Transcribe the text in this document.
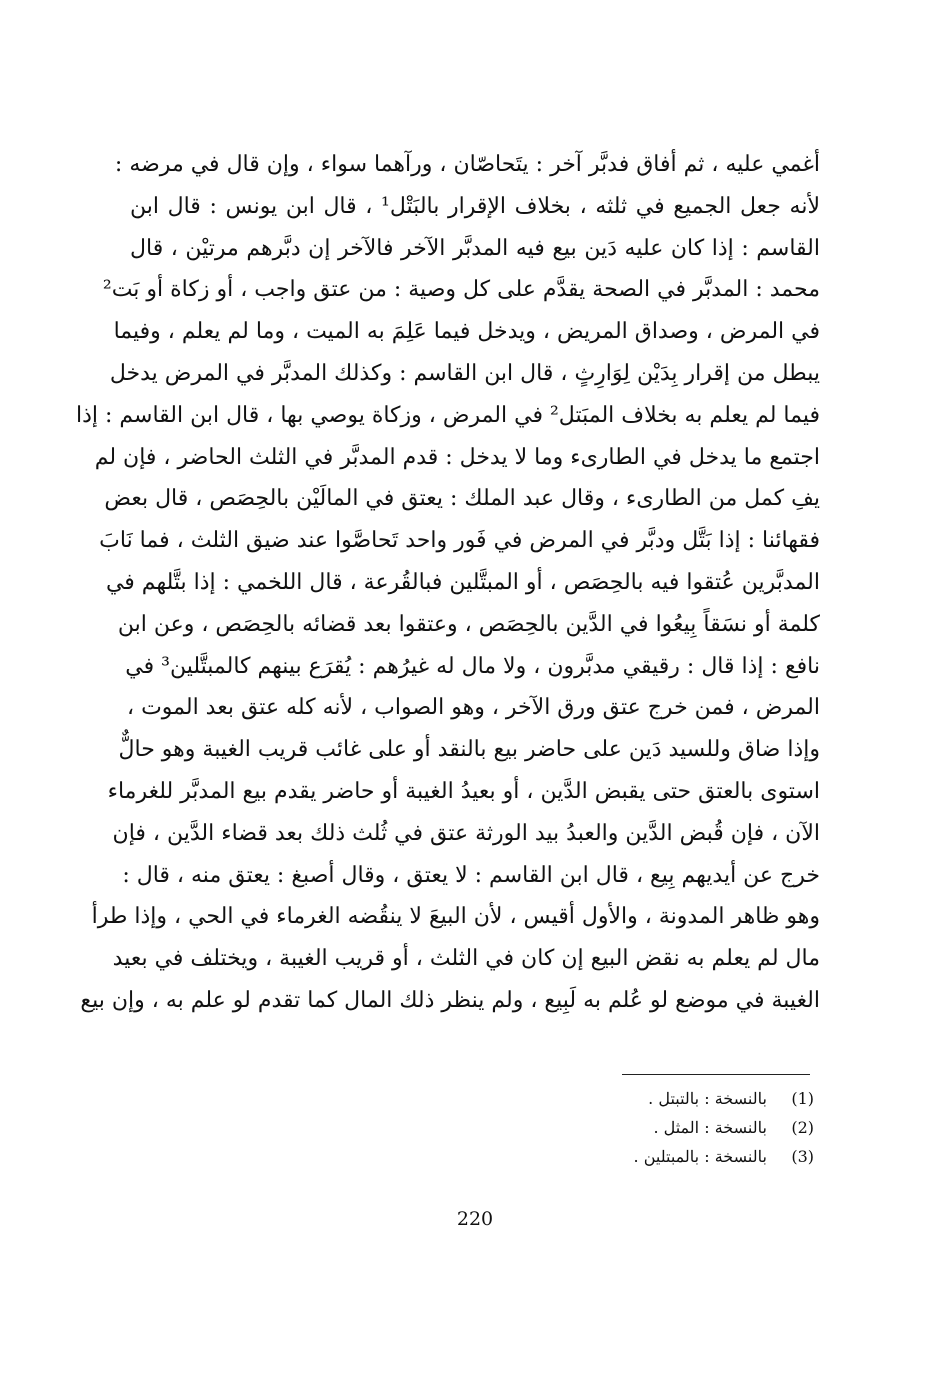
أغمي عليه ، ثم أفاق فدبَّر آخر : يتَحاصّان ، ورآهما سواء ، وإن قال في مرضه :
لأنه جعل الجميع في ثلثه ، بخلاف الإقرار بالبَتْل¹ ، قال ابن يونس : قال ابن
القاسم : إذا كان عليه دَين بيع فيه المدبَّر الآخر فالآخر إن دبَّرهم مرتيْن ، قال
محمد : المدبَّر في الصحة يقدَّم على كل وصية : من عتق واجب ، أو زكاة أو بَت²
في المرض ، وصداق المريض ، ويدخل فيما عَلِمَ به الميت ، وما لم يعلم ، وفيما
يبطل من إقرار بِدَيْن لِوَارِثٍ ، قال ابن القاسم : وكذلك المدبَّر في المرض يدخل
فيما لم يعلم به بخلاف المبَتل² في المرض ، وزكاة يوصي بها ، قال ابن القاسم : إذا
اجتمع ما يدخل في الطارىء وما لا يدخل : قدم المدبَّر في الثلث الحاضر ، فإن لم
يفِ كمل من الطارىء ، وقال عبد الملك : يعتق في المالَيْن بالحِصَص ، قال بعض
فقهائنا : إذا بَتَّل ودبَّر في المرض في فَور واحد تَحاصَّوا عند ضيق الثلث ، فما نَابَ
المدبَّرين عُتقوا فيه بالحِصَص ، أو المبتَّلين فبالقُرعة ، قال اللخمي : إذا بتَّلهم في
كلمة أو نسَقاً بِيعُوا في الدَّين بالحِصَص ، وعتقوا بعد قضائه بالحِصَص ، وعن ابن
نافع : إذا قال : رقيقي مدبَّرون ، ولا مال له غيرُهم : يُقرَع بينهم كالمبتَّلين³ في
المرض ، فمن خرج عتق ورق الآخر ، وهو الصواب ، لأنه كله عتق بعد الموت ،
وإذا ضاق وللسيد دَين على حاضر بيع بالنقد أو على غائب قريب الغيبة وهو حالٌّ
استوى بالعتق حتى يقبض الدَّين ، أو بعيدُ الغيبة أو حاضر يقدم بيع المدبَّر للغرماء
الآن ، فإن قُبض الدَّين والعبدُ بيد الورثة عتق في ثُلث ذلك بعد قضاء الدَّين ، فإن
خرج عن أيديهم بِيع ، قال ابن القاسم : لا يعتق ، وقال أصبغ : يعتق منه ، قال :
وهو ظاهر المدونة ، والأول أقيس ، لأن البيعَ لا ينقُضه الغرماء في الحي ، وإذا طرأ
مال لم يعلم به نقض البيع إن كان في الثلث ، أو قريب الغيبة ، ويختلف في بعيد
الغيبة في موضع لو عُلم به لَبِيع ، ولم ينظر ذلك المال كما تقدم لو علم به ، وإن بيع
(1) بالنسخة : بالتبتل .
(2) بالنسخة : المثل .
(3) بالنسخة : بالمبتلين .
220
